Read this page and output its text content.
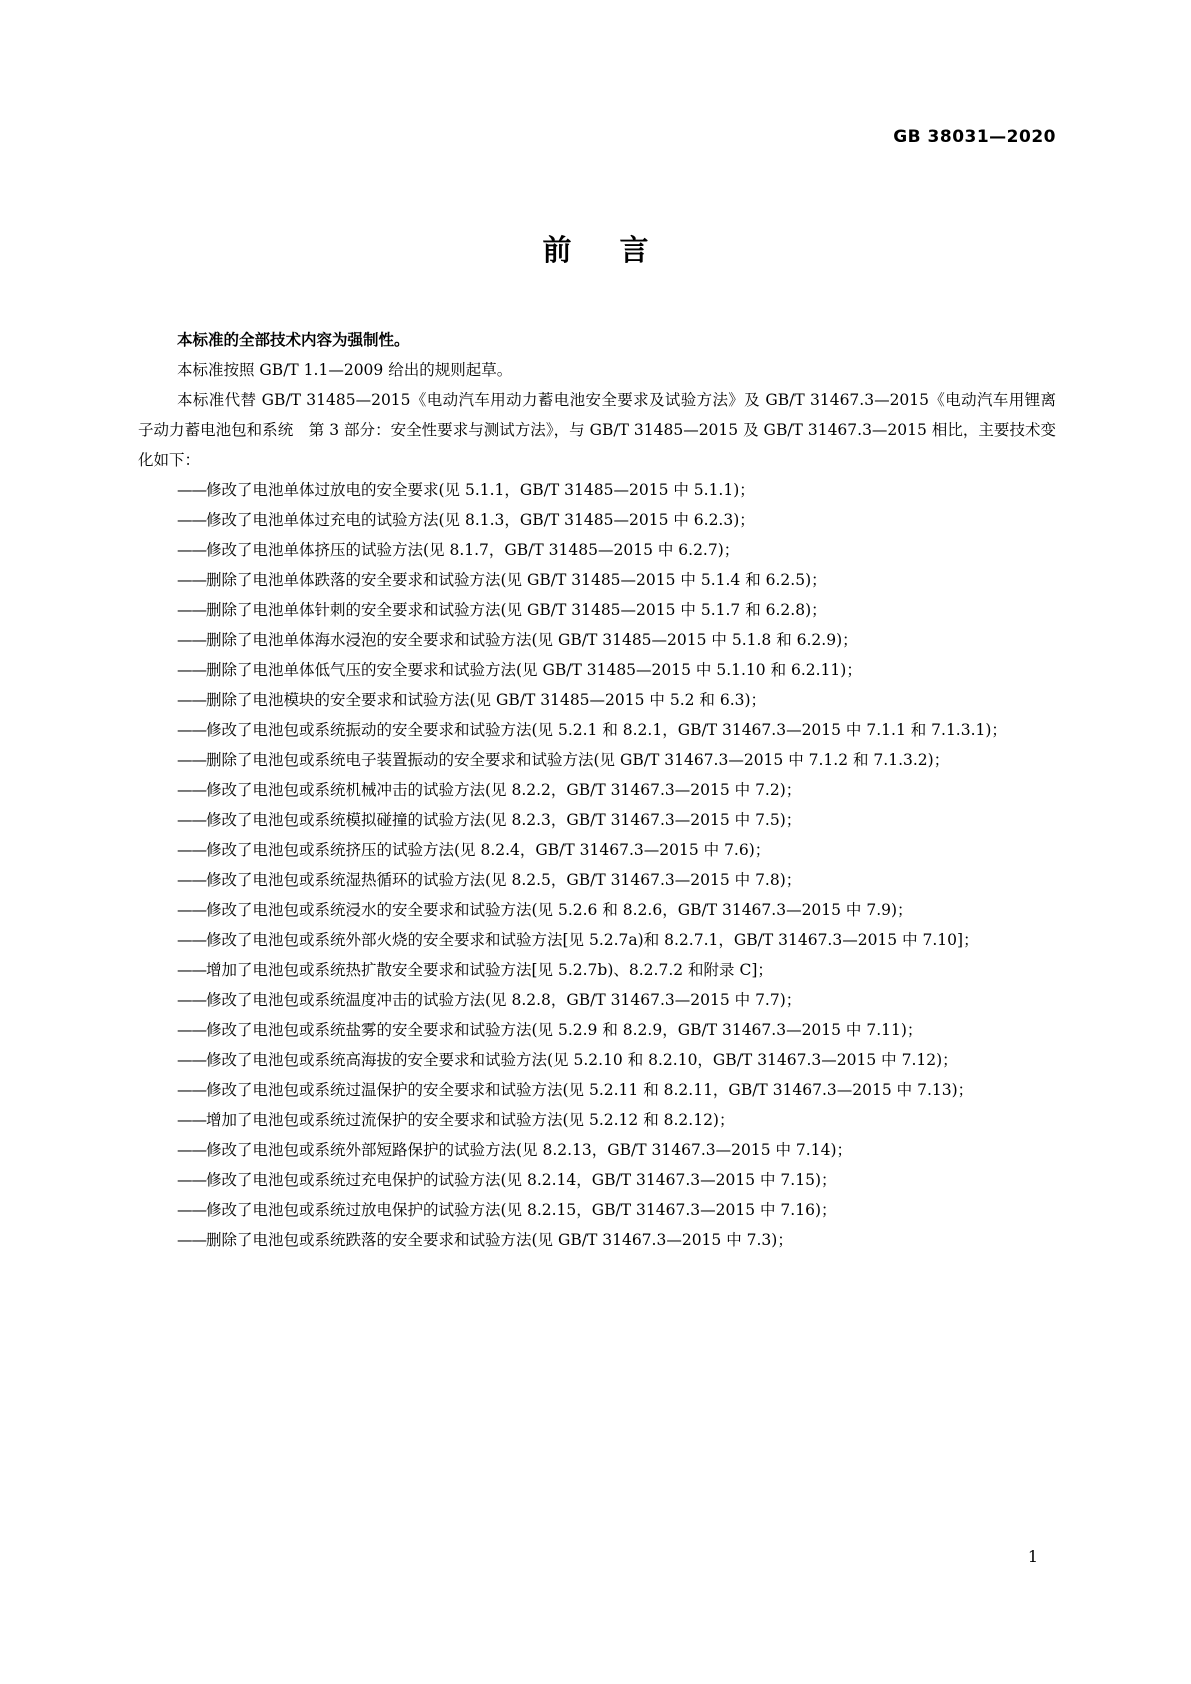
GB 38031—2020
前言

本标准的全部技术内容为强制性。

本标准按照 GB/T 1.1—2009 给出的规则起草。

本标准代替 GB/T 31485—2015《电动汽车用动力蓄电池安全要求及试验方法》及 GB/T 31467.3—2015《电动汽车用锂离子动力蓄电池包和系统　第 3 部分：安全性要求与测试方法》，与 GB/T 31485—2015 及 GB/T 31467.3—2015 相比，主要技术变化如下：

——修改了电池单体过放电的安全要求(见 5.1.1，GB/T 31485—2015 中 5.1.1)；
——修改了电池单体过充电的试验方法(见 8.1.3，GB/T 31485—2015 中 6.2.3)；
——修改了电池单体挤压的试验方法(见 8.1.7，GB/T 31485—2015 中 6.2.7)；
——删除了电池单体跌落的安全要求和试验方法(见 GB/T 31485—2015 中 5.1.4 和 6.2.5)；
——删除了电池单体针刺的安全要求和试验方法(见 GB/T 31485—2015 中 5.1.7 和 6.2.8)；
——删除了电池单体海水浸泡的安全要求和试验方法(见 GB/T 31485—2015 中 5.1.8 和 6.2.9)；
——删除了电池单体低气压的安全要求和试验方法(见 GB/T 31485—2015 中 5.1.10 和 6.2.11)；
——删除了电池模块的安全要求和试验方法(见 GB/T 31485—2015 中 5.2 和 6.3)；
——修改了电池包或系统振动的安全要求和试验方法(见 5.2.1 和 8.2.1，GB/T 31467.3—2015 中 7.1.1 和 7.1.3.1)；
——删除了电池包或系统电子装置振动的安全要求和试验方法(见 GB/T 31467.3—2015 中 7.1.2 和 7.1.3.2)；
——修改了电池包或系统机械冲击的试验方法(见 8.2.2，GB/T 31467.3—2015 中 7.2)；
——修改了电池包或系统模拟碰撞的试验方法(见 8.2.3，GB/T 31467.3—2015 中 7.5)；
——修改了电池包或系统挤压的试验方法(见 8.2.4，GB/T 31467.3—2015 中 7.6)；
——修改了电池包或系统湿热循环的试验方法(见 8.2.5，GB/T 31467.3—2015 中 7.8)；
——修改了电池包或系统浸水的安全要求和试验方法(见 5.2.6 和 8.2.6，GB/T 31467.3—2015 中 7.9)；
——修改了电池包或系统外部火烧的安全要求和试验方法[见 5.2.7a)和 8.2.7.1，GB/T 31467.3—2015 中 7.10]；
——增加了电池包或系统热扩散安全要求和试验方法[见 5.2.7b)、8.2.7.2 和附录 C]；
——修改了电池包或系统温度冲击的试验方法(见 8.2.8，GB/T 31467.3—2015 中 7.7)；
——修改了电池包或系统盐雾的安全要求和试验方法(见 5.2.9 和 8.2.9，GB/T 31467.3—2015 中 7.11)；
——修改了电池包或系统高海拔的安全要求和试验方法(见 5.2.10 和 8.2.10，GB/T 31467.3—2015 中 7.12)；
——修改了电池包或系统过温保护的安全要求和试验方法(见 5.2.11 和 8.2.11，GB/T 31467.3—2015 中 7.13)；
——增加了电池包或系统过流保护的安全要求和试验方法(见 5.2.12 和 8.2.12)；
——修改了电池包或系统外部短路保护的试验方法(见 8.2.13，GB/T 31467.3—2015 中 7.14)；
——修改了电池包或系统过充电保护的试验方法(见 8.2.14，GB/T 31467.3—2015 中 7.15)；
——修改了电池包或系统过放电保护的试验方法(见 8.2.15，GB/T 31467.3—2015 中 7.16)；
——删除了电池包或系统跌落的安全要求和试验方法(见 GB/T 31467.3—2015 中 7.3)；
1
